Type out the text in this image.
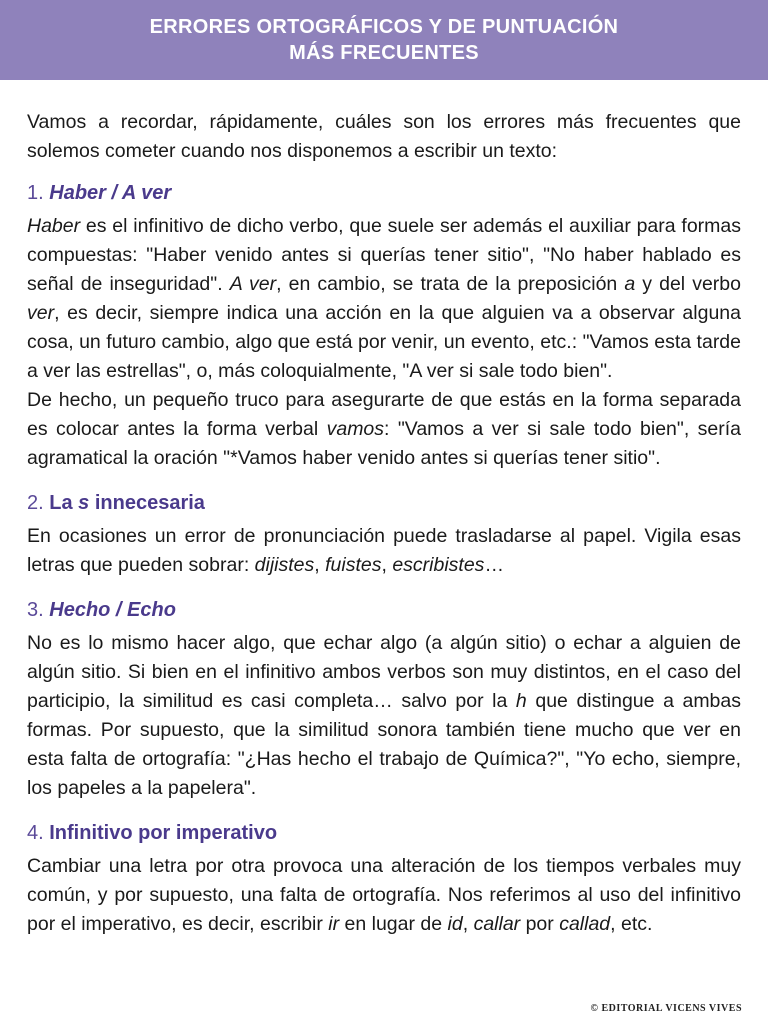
ERRORES ORTOGRÁFICOS Y DE PUNTUACIÓN
MÁS FRECUENTES

Vamos a recordar, rápidamente, cuáles son los errores más frecuentes que solemos cometer cuando nos disponemos a escribir un texto:

1. Haber / A ver

Haber es el infinitivo de dicho verbo, que suele ser además el auxiliar para formas compuestas: "Haber venido antes si querías tener sitio", "No haber hablado es señal de inseguridad". A ver, en cambio, se trata de la preposición a y del verbo ver, es decir, siempre indica una acción en la que alguien va a observar alguna cosa, un futuro cambio, algo que está por venir, un evento, etc.: "Vamos esta tarde a ver las estrellas", o, más coloquialmente, "A ver si sale todo bien".

De hecho, un pequeño truco para asegurarte de que estás en la forma separada es colocar antes la forma verbal vamos: "Vamos a ver si sale todo bien", sería agramatical la oración "*Vamos haber venido antes si querías tener sitio".

2. La s innecesaria

En ocasiones un error de pronunciación puede trasladarse al papel. Vigila esas letras que pueden sobrar: dijistes, fuistes, escribistes…

3. Hecho / Echo

No es lo mismo hacer algo, que echar algo (a algún sitio) o echar a alguien de algún sitio. Si bien en el infinitivo ambos verbos son muy distintos, en el caso del participio, la similitud es casi completa… salvo por la h que distingue a ambas formas. Por supuesto, que la similitud sonora también tiene mucho que ver en esta falta de ortografía: "¿Has hecho el trabajo de Química?", "Yo echo, siempre, los papeles a la papelera".

4. Infinitivo por imperativo

Cambiar una letra por otra provoca una alteración de los tiempos verbales muy común, y por supuesto, una falta de ortografía. Nos referimos al uso del infinitivo por el imperativo, es decir, escribir ir en lugar de id, callar por callad, etc.

© EDITORIAL VICENS VIVES
